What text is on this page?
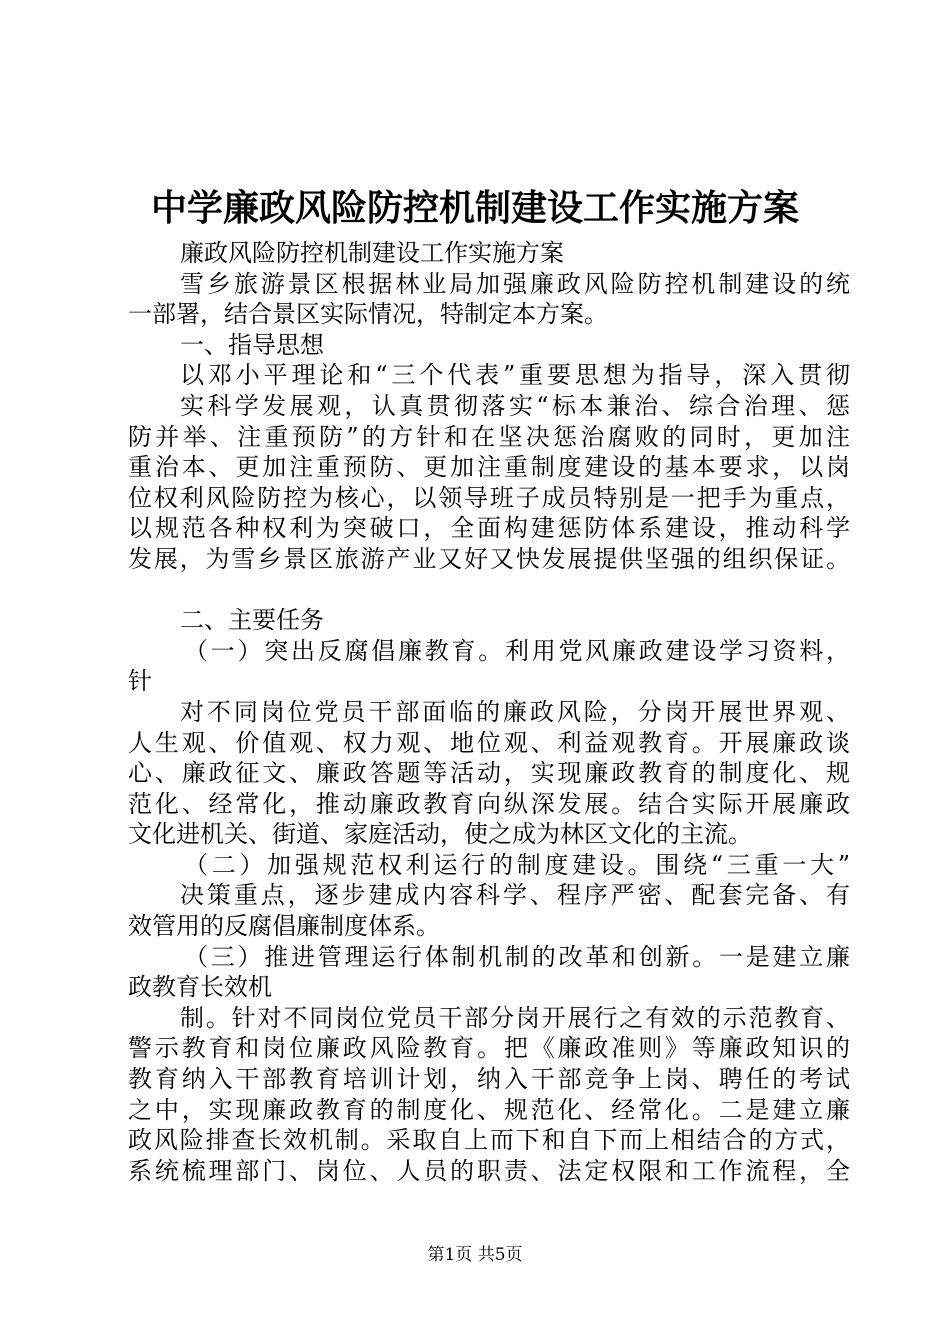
中学廉政风险防控机制建设工作实施方案
廉政风险防控机制建设工作实施方案
雪乡旅游景区根据林业局加强廉政风险防控机制建设的统
一部署，结合景区实际情况，特制定本方案。
一、指导思想
以邓小平理论和“三个代表”重要思想为指导，深入贯彻
实科学发展观，认真贯彻落实“标本兼治、综合治理、惩
防并举、注重预防”的方针和在坚决惩治腐败的同时，更加注
重治本、更加注重预防、更加注重制度建设的基本要求，以岗
位权利风险防控为核心，以领导班子成员特别是一把手为重点，
以规范各种权利为突破口，全面构建惩防体系建设，推动科学
发展，为雪乡景区旅游产业又好又快发展提供坚强的组织保证。
二、主要任务
（一）突出反腐倡廉教育。利用党风廉政建设学习资料，
针
对不同岗位党员干部面临的廉政风险，分岗开展世界观、
人生观、价值观、权力观、地位观、利益观教育。开展廉政谈
心、廉政征文、廉政答题等活动，实现廉政教育的制度化、规
范化、经常化，推动廉政教育向纵深发展。结合实际开展廉政
文化进机关、街道、家庭活动，使之成为林区文化的主流。
（二）加强规范权利运行的制度建设。围绕“三重一大”
决策重点，逐步建成内容科学、程序严密、配套完备、有
效管用的反腐倡廉制度体系。
（三）推进管理运行体制机制的改革和创新。一是建立廉
政教育长效机
制。针对不同岗位党员干部分岗开展行之有效的示范教育、
警示教育和岗位廉政风险教育。把《廉政准则》等廉政知识的
教育纳入干部教育培训计划，纳入干部竞争上岗、聘任的考试
之中，实现廉政教育的制度化、规范化、经常化。二是建立廉
政风险排查长效机制。采取自上而下和自下而上相结合的方式，
系统梳理部门、岗位、人员的职责、法定权限和工作流程，全
第1页 共5页
